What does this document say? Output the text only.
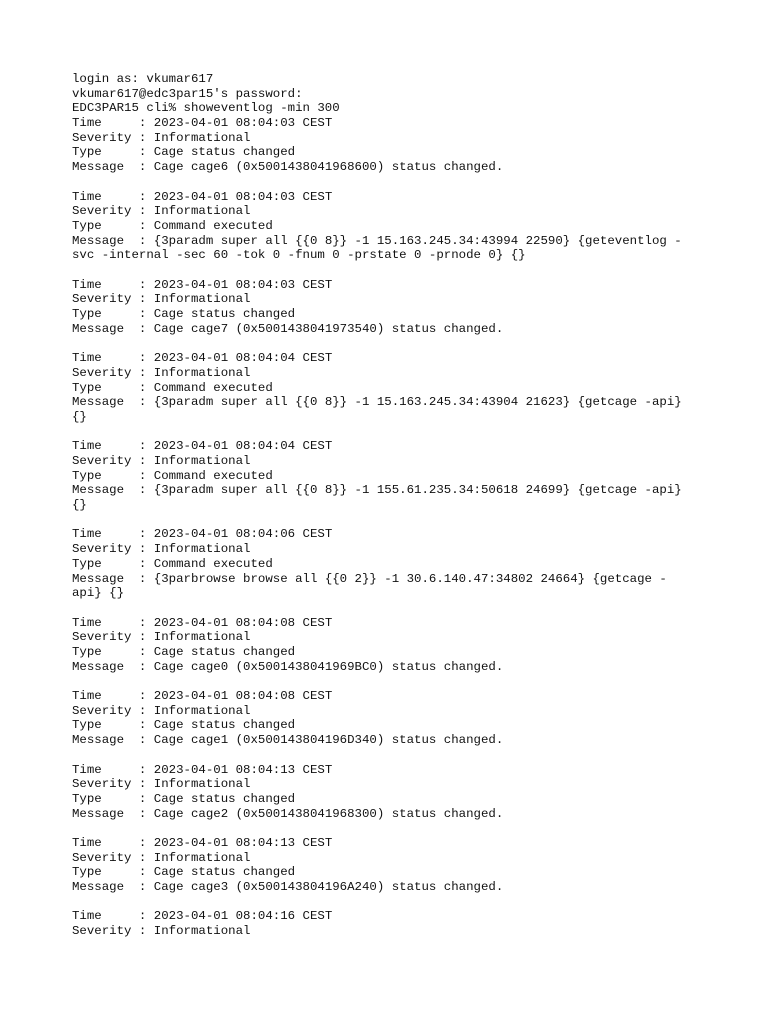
login as: vkumar617
vkumar617@edc3par15's password:
EDC3PAR15 cli% showeventlog -min 300
Time     : 2023-04-01 08:04:03 CEST
Severity : Informational
Type     : Cage status changed
Message  : Cage cage6 (0x5001438041968600) status changed.
Time     : 2023-04-01 08:04:03 CEST
Severity : Informational
Type     : Command executed
Message  : {3paradm super all {{0 8}} -1 15.163.245.34:43994 22590} {geteventlog -svc -internal -sec 60 -tok 0 -fnum 0 -prstate 0 -prnode 0} {}
Time     : 2023-04-01 08:04:03 CEST
Severity : Informational
Type     : Cage status changed
Message  : Cage cage7 (0x5001438041973540) status changed.
Time     : 2023-04-01 08:04:04 CEST
Severity : Informational
Type     : Command executed
Message  : {3paradm super all {{0 8}} -1 15.163.245.34:43904 21623} {getcage -api} {}
Time     : 2023-04-01 08:04:04 CEST
Severity : Informational
Type     : Command executed
Message  : {3paradm super all {{0 8}} -1 155.61.235.34:50618 24699} {getcage -api} {}
Time     : 2023-04-01 08:04:06 CEST
Severity : Informational
Type     : Command executed
Message  : {3parbrowse browse all {{0 2}} -1 30.6.140.47:34802 24664} {getcage -api} {}
Time     : 2023-04-01 08:04:08 CEST
Severity : Informational
Type     : Cage status changed
Message  : Cage cage0 (0x5001438041969BC0) status changed.
Time     : 2023-04-01 08:04:08 CEST
Severity : Informational
Type     : Cage status changed
Message  : Cage cage1 (0x500143804196D340) status changed.
Time     : 2023-04-01 08:04:13 CEST
Severity : Informational
Type     : Cage status changed
Message  : Cage cage2 (0x5001438041968300) status changed.
Time     : 2023-04-01 08:04:13 CEST
Severity : Informational
Type     : Cage status changed
Message  : Cage cage3 (0x500143804196A240) status changed.
Time     : 2023-04-01 08:04:16 CEST
Severity : Informational
